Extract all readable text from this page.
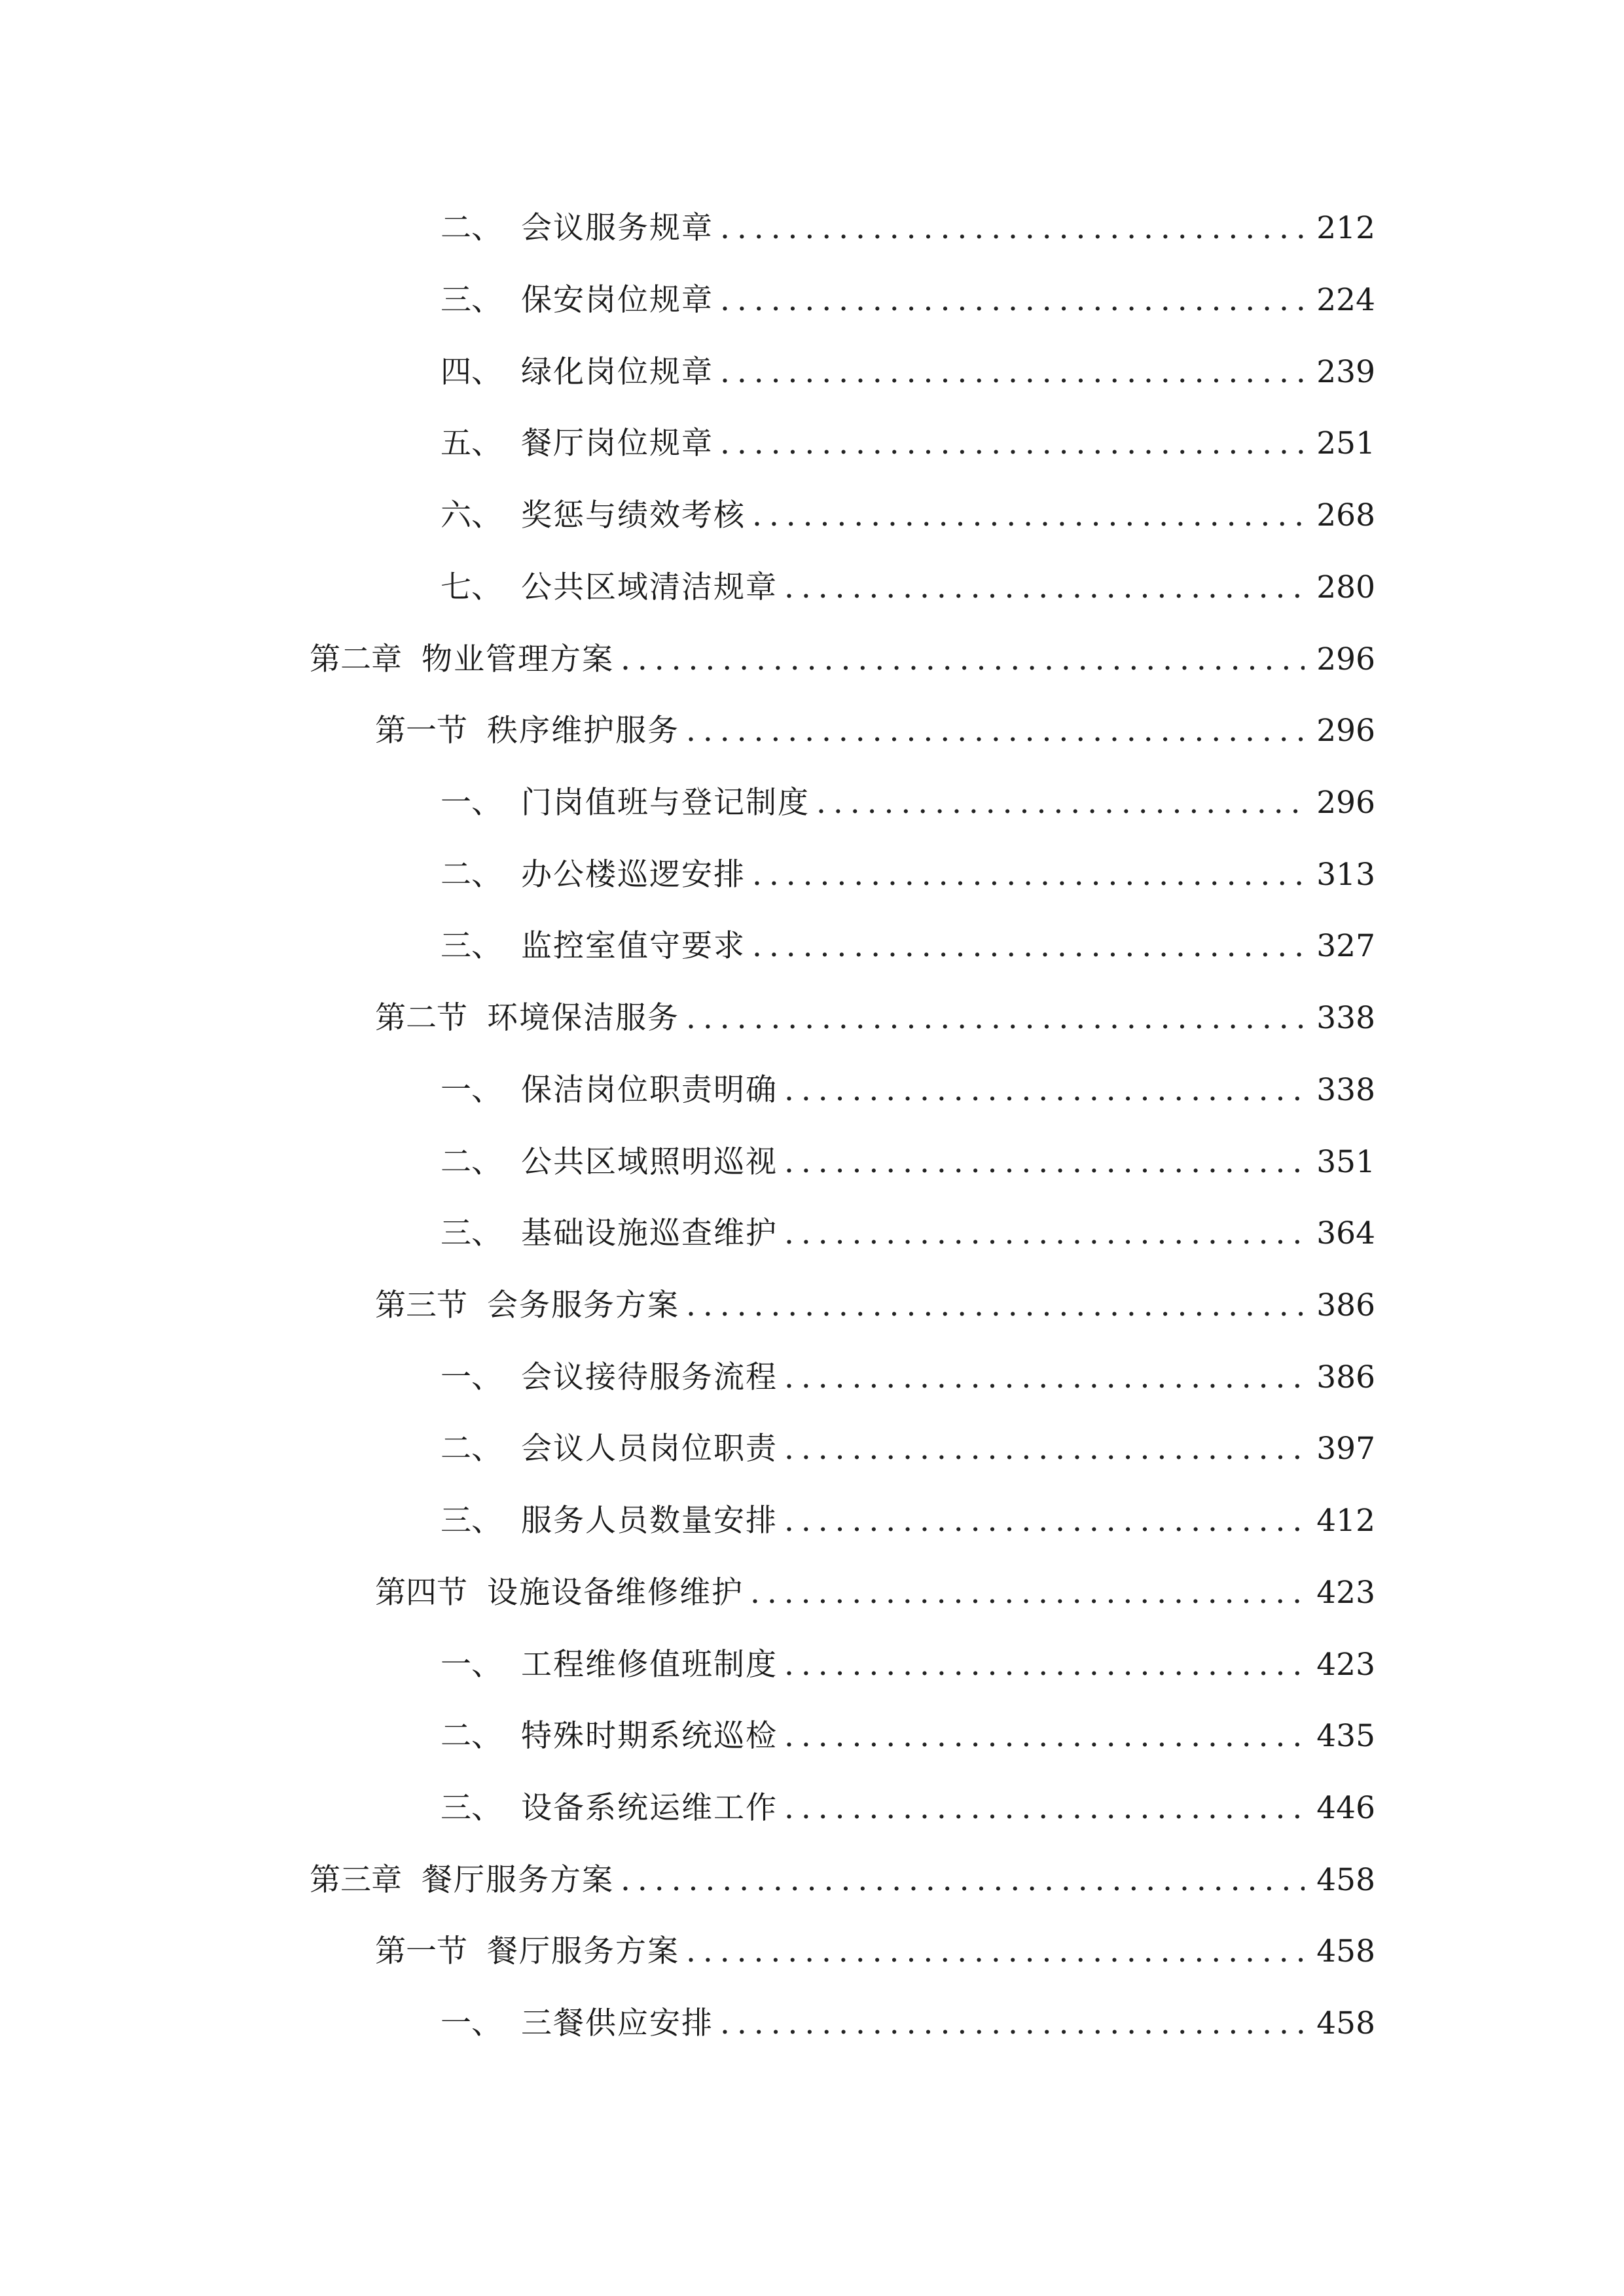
二、 会议服务规章 . . .	212
三、 保安岗位规章 . . .	224
四、 绿化岗位规章 . . .	239
五、 餐厅岗位规章 . . .	251
六、 奖惩与绩效考核 . . .	268
七、 公共区域清洁规章 . . .	280
第二章 物业管理方案 . . .	296
第一节 秩序维护服务 . . .	296
一、 门岗值班与登记制度 . . .	296
二、 办公楼巡逻安排 . . .	313
三、 监控室值守要求 . . .	327
第二节 环境保洁服务 . . .	338
一、 保洁岗位职责明确 . . .	338
二、 公共区域照明巡视 . . .	351
三、 基础设施巡查维护 . . .	364
第三节 会务服务方案 . . .	386
一、 会议接待服务流程 . . .	386
二、 会议人员岗位职责 . . .	397
三、 服务人员数量安排 . . .	412
第四节 设施设备维修维护 . . .	423
一、 工程维修值班制度 . . .	423
二、 特殊时期系统巡检 . . .	435
三、 设备系统运维工作 . . .	446
第三章 餐厅服务方案 . . .	458
第一节 餐厅服务方案 . . .	458
一、 三餐供应安排 . . .	458
